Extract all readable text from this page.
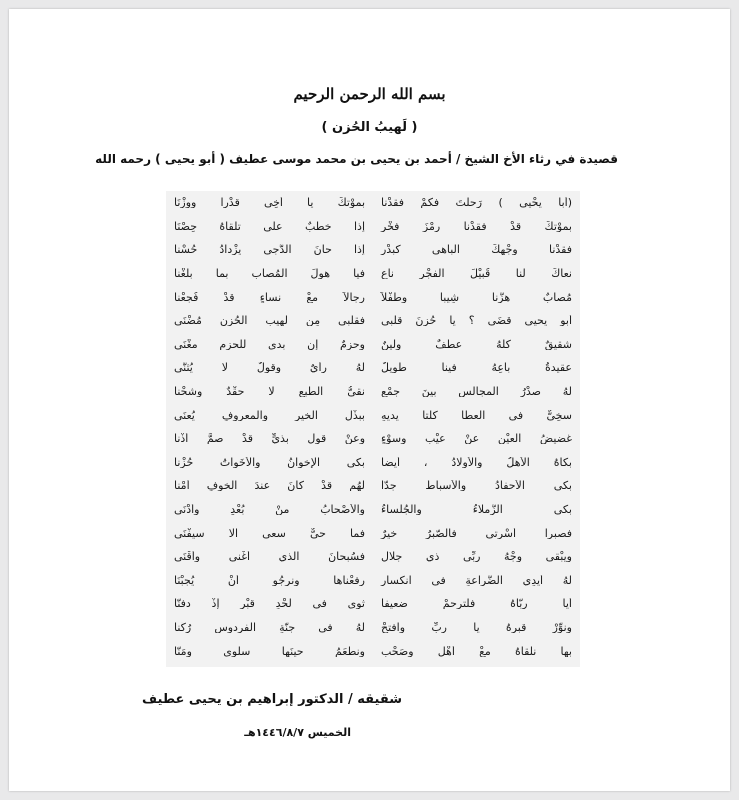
بسم الله الرحمن الرحيم

( لَهيبُ الحُزن )

قصيدة في رثاء الأخ الشيخ / أحمد بن يحيى بن محمد موسى عطيف ( أبو يحيى ) رحمه الله

(أبا يحْيى ) رَحلْتَ فكمْ فقدْنا
بموْتكَ يا أخِي قدْراً ووزْنَا
بموْتكَ قدْ فقدْنا رمْزَ فخْرٍ
إذا خطْبٌ على تلْقاهُ حِصْنَا
فقدْنا وجْهكَ الباهي كبدْرٍ
إذا حانَ الدُّجى يزْدادُ حُسْنا
نعاكَ لنا قُبيْلَ الفجْرِ ناعٍ
فيا هولَ المُصابِ بما بلغْنا
مُصابٌ هزَّنا شِيباً وطفْلاً
رجالاً معْ نساءٍ قدْ فُجِعْنا
أبو يحيى قضَى ؟ يا حُزنَ قلبي
فقلْبي مِن لهيبِ الحُزنِ مُضْنَى
شقيقٌ كلّهُ عطْفٌ ولينٌ
وحزمٌ إن بدى للحزمِ مغْنَى
عقيدةُ باعِهُ فينا طويلٌ
لهُ رأيٌ وقولٌ لا يُثنَّى
لهُ صدْرُ المجالسِ بينَ جمْعٍ
نقيُّ الطبعِ لا حقْدٌ وشحْنا
سخِيٌّ في العطا كلْتا يديهِ
ببذْلِ الخيرِ والمعروفِ يُعنَى
غضيضُ العيْنِ عنْ عيْبٍ وسوْءٍ
وعنْ قولٍ بذيٍّ قدْ صمَّ أذْنا
بكاهُ الأهلُ والأولادُ ، أيضاً
بكى الإخوانُ والأخَواتُ حُزْنا
بكى الأحفادُ والأسباطُ جدّاً
لهُم قدْ كانَ عندَ الخوفِ أمْنا
بكى الزُّملاءُ والجُلساءُ
والأصْحابُ منْ بُعْدٍ وأدْنَى
فصبراً أسْرتي فالصّبرُ خيرٌ
فما حيٌّ سعى الا سيفْنَى
ويبْقى وجْهُ ربِّي ذي جلالٍ
فسُبحانَ الذي أغْنى وأقْنَى
لهُ أيدِي الضَّراعةِ في انكسارٍ
رفعْناها ونرجُو أنْ يُجِبْنَا
أيا ربّاهُ فلْترحمْ ضعيفاً
ثوى في لحْدِ قبْرٍ إذْ دفنّا
ونوِّرْ قبرهُ يا ربِّ وافتحْ
لهُ في جنّةِ الفردوسِ رُكْنا
بها نلقاهُ معْ أهْلٍ وصَحْبٍ
ونطعَمُ حينَها سلْوى ومَنّا

شقيقه / الدكتور إبراهيم بن يحيى عطيف

الخميس ١٤٤٦/٨/٧هـ
